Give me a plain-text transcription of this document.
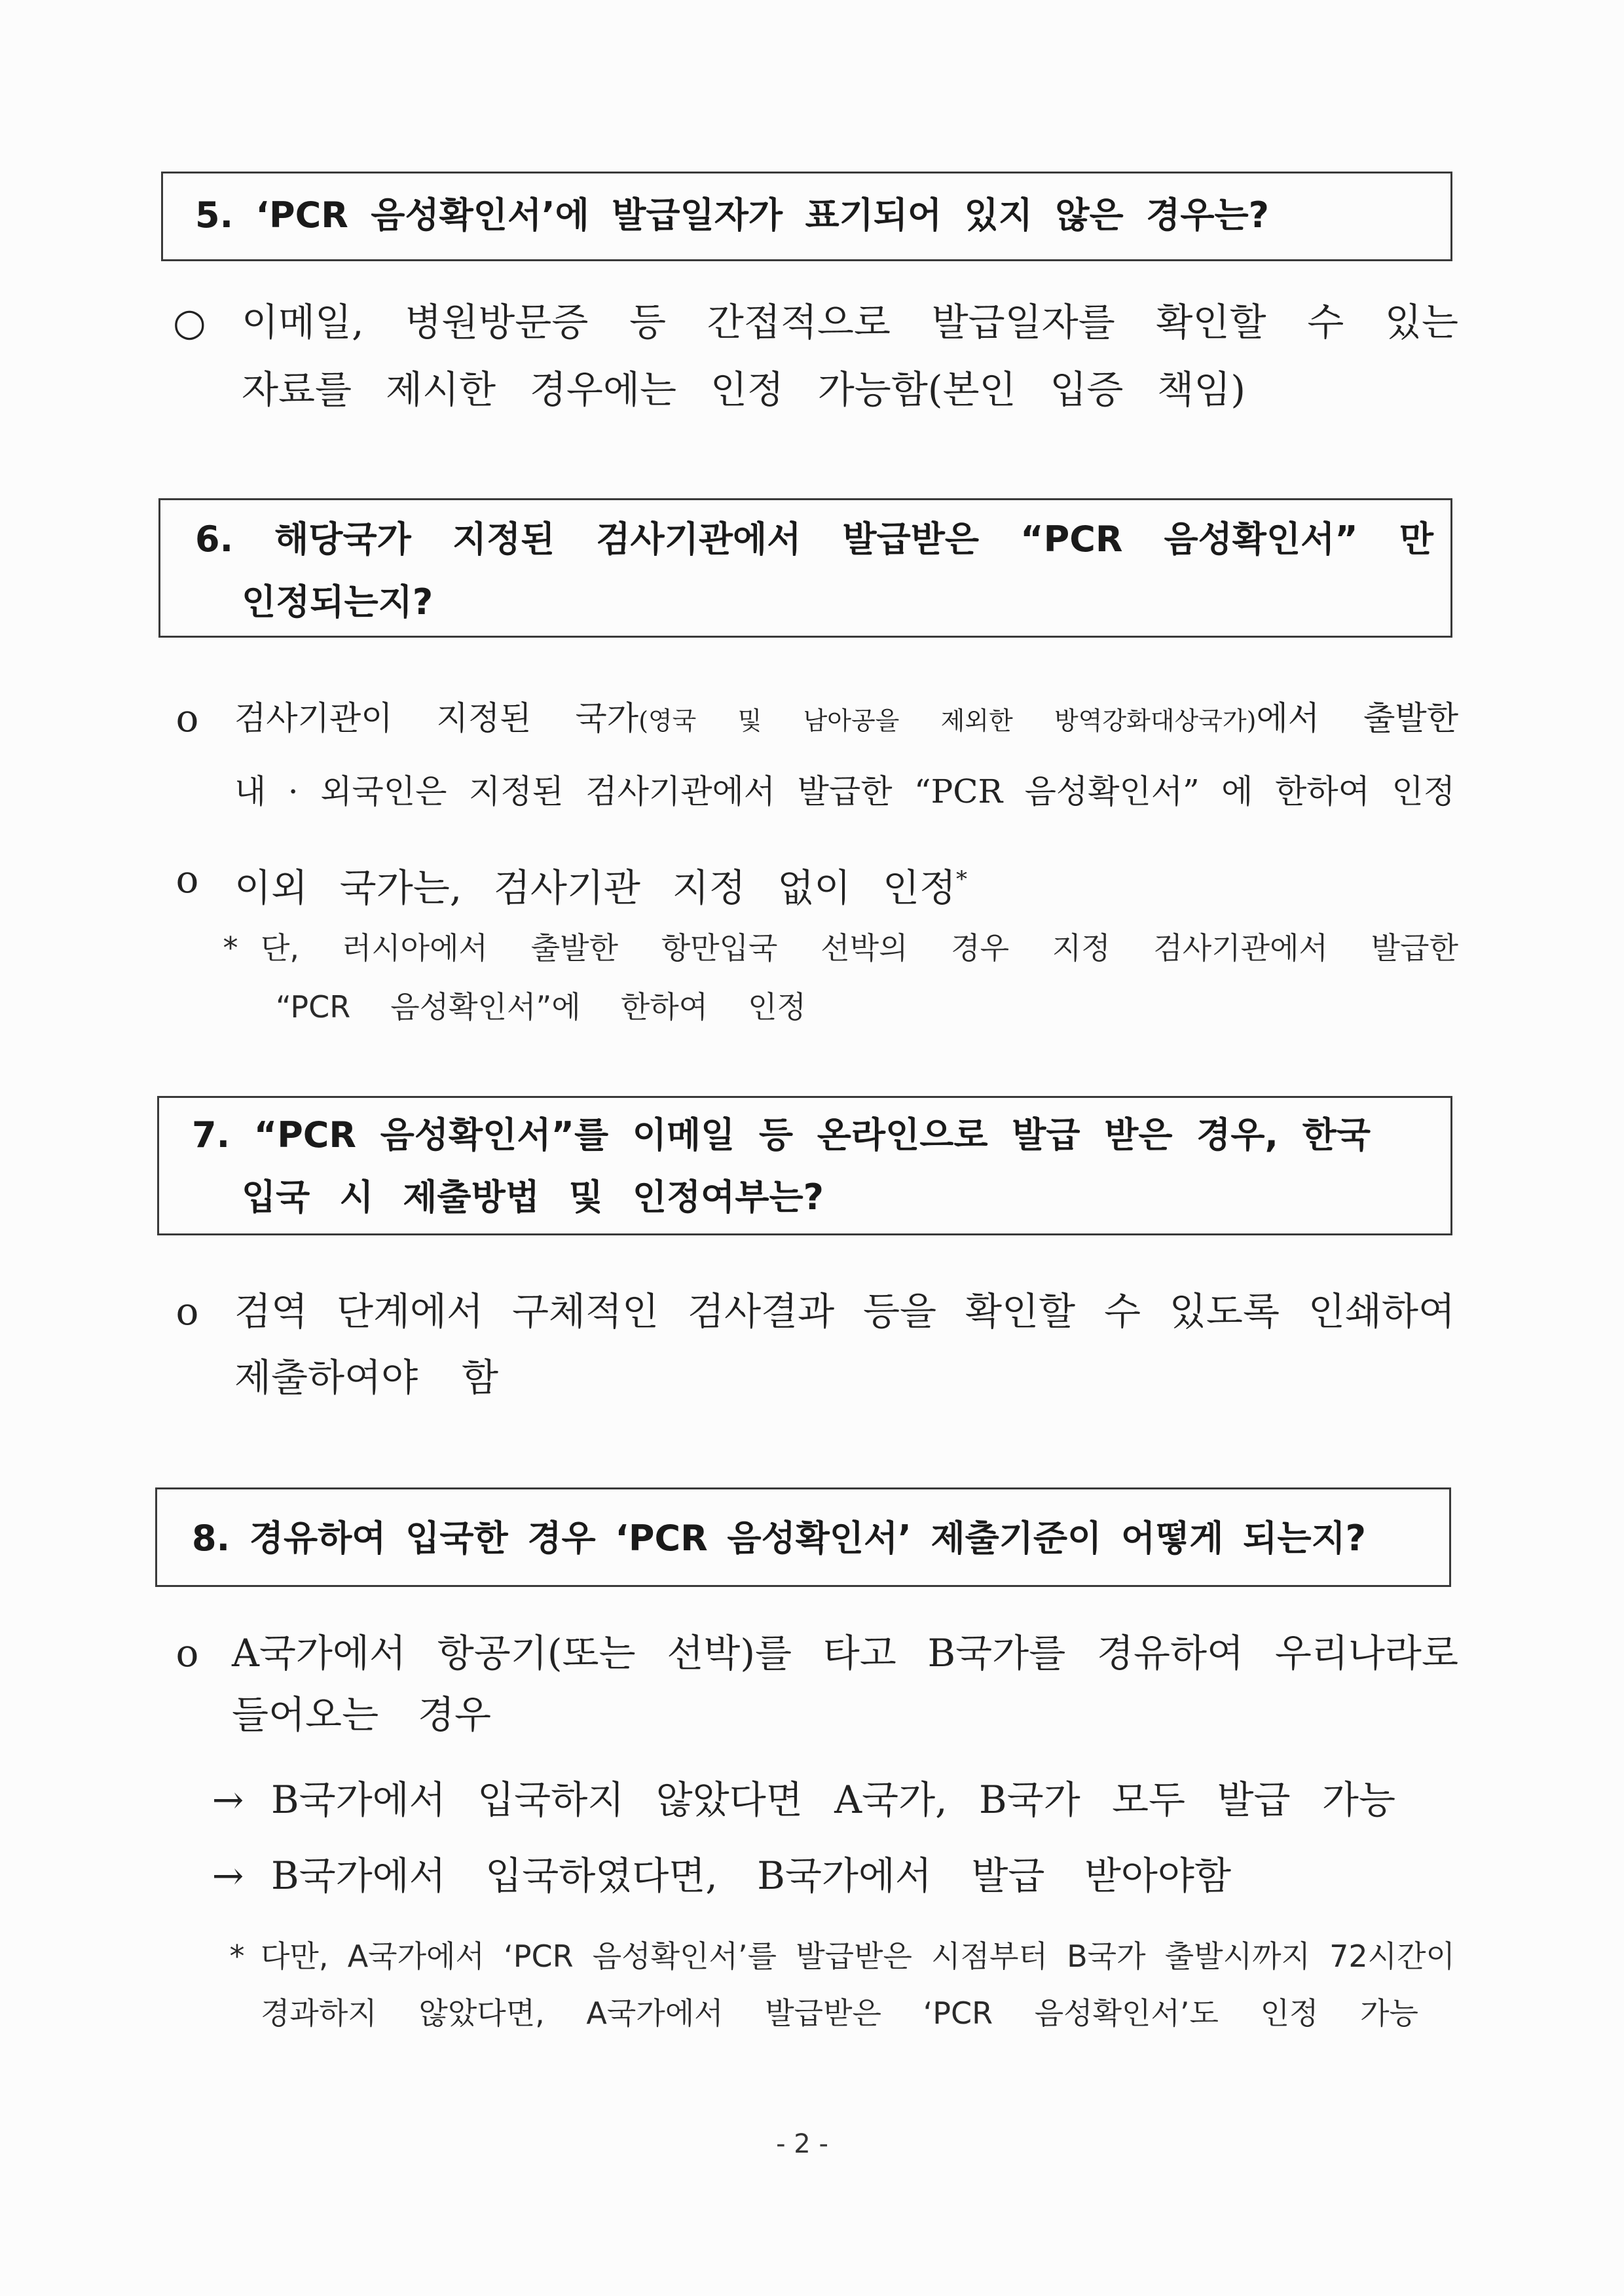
5. ‘PCR 음성확인서’에 발급일자가 표기되어 있지 않은 경우는?
○ 이메일, 병원방문증 등 간접적으로 발급일자를 확인할 수 있는
자료를 제시한 경우에는 인정 가능함(본인 입증 책임)
6. 해당국가 지정된 검사기관에서 발급받은 “PCR 음성확인서” 만
인정되는지?
o 검사기관이 지정된 국가(영국 및 남아공을 제외한 방역강화대상국가)에서 출발한
내 · 외국인은 지정된 검사기관에서 발급한 “PCR 음성확인서” 에 한하여 인정
o 이외 국가는, 검사기관 지정 없이 인정*
* 단, 러시아에서 출발한 항만입국 선박의 경우 지정 검사기관에서 발급한
“PCR 음성확인서”에 한하여 인정
7. “PCR 음성확인서”를 이메일 등 온라인으로 발급 받은 경우, 한국
입국 시 제출방법 및 인정여부는?
o 검역 단계에서 구체적인 검사결과 등을 확인할 수 있도록 인쇄하여
제출하여야 함
8. 경유하여 입국한 경우 ‘PCR 음성확인서’ 제출기준이 어떻게 되는지?
o A국가에서 항공기(또는 선박)를 타고 B국가를 경유하여 우리나라로
들어오는 경우
→ B국가에서 입국하지 않았다면 A국가, B국가 모두 발급 가능
→ B국가에서 입국하였다면, B국가에서 발급 받아야함
* 다만, A국가에서 ‘PCR 음성확인서’를 발급받은 시점부터 B국가 출발시까지 72시간이
경과하지 않았다면, A국가에서 발급받은 ‘PCR 음성확인서’도 인정 가능
- 2 -
